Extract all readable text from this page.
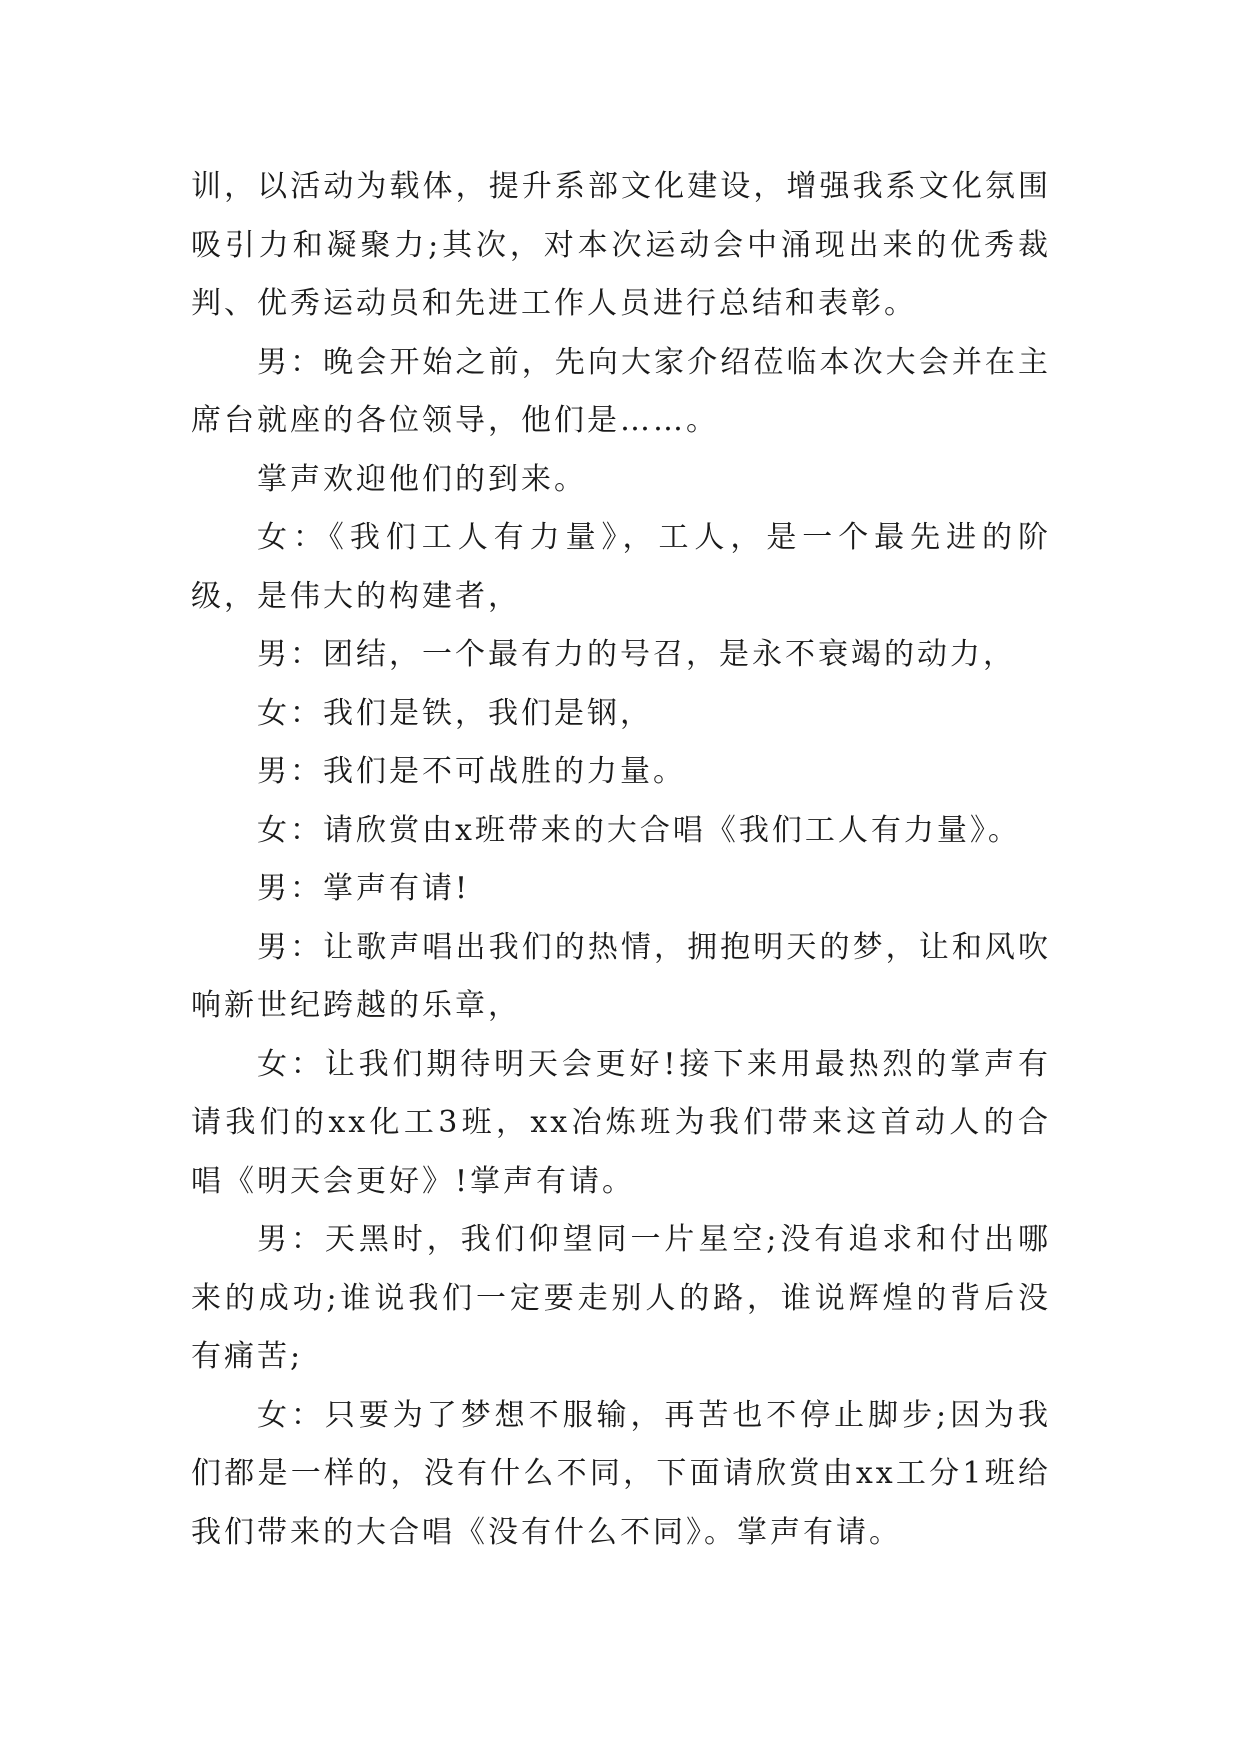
训，以活动为载体，提升系部文化建设，增强我系文化氛围吸引力和凝聚力;其次，对本次运动会中涌现出来的优秀裁判、优秀运动员和先进工作人员进行总结和表彰。

男：晚会开始之前，先向大家介绍莅临本次大会并在主席台就座的各位领导，他们是……。

掌声欢迎他们的到来。

女：《我们工人有力量》，工人，是一个最先进的阶级，是伟大的构建者，

男：团结，一个最有力的号召，是永不衰竭的动力，

女：我们是铁，我们是钢，

男：我们是不可战胜的力量。

女：请欣赏由x班带来的大合唱《我们工人有力量》。

男：掌声有请!

男：让歌声唱出我们的热情，拥抱明天的梦，让和风吹响新世纪跨越的乐章，

女：让我们期待明天会更好!接下来用最热烈的掌声有请我们的xx化工3班，xx冶炼班为我们带来这首动人的合唱《明天会更好》!掌声有请。

男：天黑时，我们仰望同一片星空;没有追求和付出哪来的成功;谁说我们一定要走别人的路，谁说辉煌的背后没有痛苦;

女：只要为了梦想不服输，再苦也不停止脚步;因为我们都是一样的，没有什么不同，下面请欣赏由xx工分1班给我们带来的大合唱《没有什么不同》。掌声有请。
